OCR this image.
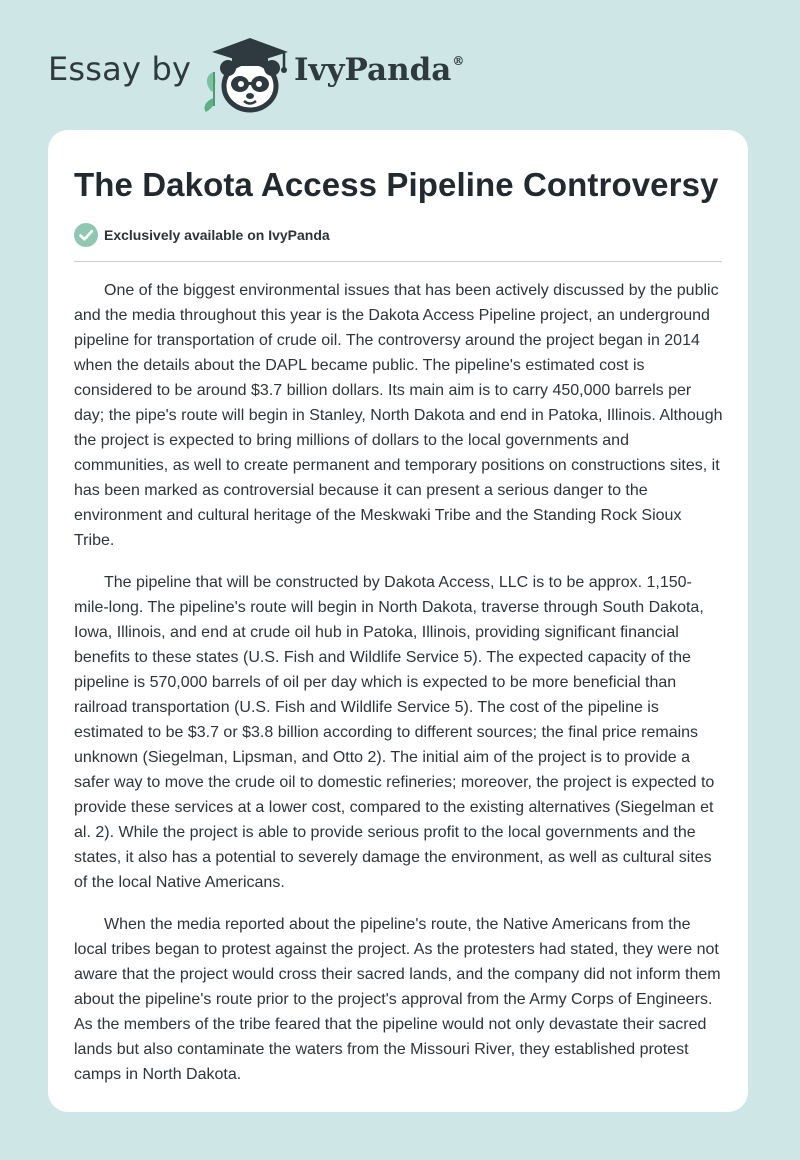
Essay by	IvyPanda®
The Dakota Access Pipeline Controversy
Exclusively available on IvyPanda

One of the biggest environmental issues that has been actively discussed by the public and the media throughout this year is the Dakota Access Pipeline project, an underground pipeline for transportation of crude oil. The controversy around the project began in 2014 when the details about the DAPL became public. The pipeline's estimated cost is considered to be around $3.7 billion dollars. Its main aim is to carry 450,000 barrels per day; the pipe's route will begin in Stanley, North Dakota and end in Patoka, Illinois. Although the project is expected to bring millions of dollars to the local governments and communities, as well to create permanent and temporary positions on constructions sites, it has been marked as controversial because it can present a serious danger to the environment and cultural heritage of the Meskwaki Tribe and the Standing Rock Sioux Tribe.

The pipeline that will be constructed by Dakota Access, LLC is to be approx. 1,150-mile-long. The pipeline's route will begin in North Dakota, traverse through South Dakota, Iowa, Illinois, and end at crude oil hub in Patoka, Illinois, providing significant financial benefits to these states (U.S. Fish and Wildlife Service 5). The expected capacity of the pipeline is 570,000 barrels of oil per day which is expected to be more beneficial than railroad transportation (U.S. Fish and Wildlife Service 5). The cost of the pipeline is estimated to be $3.7 or $3.8 billion according to different sources; the final price remains unknown (Siegelman, Lipsman, and Otto 2). The initial aim of the project is to provide a safer way to move the crude oil to domestic refineries; moreover, the project is expected to provide these services at a lower cost, compared to the existing alternatives (Siegelman et al. 2). While the project is able to provide serious profit to the local governments and the states, it also has a potential to severely damage the environment, as well as cultural sites of the local Native Americans.

When the media reported about the pipeline's route, the Native Americans from the local tribes began to protest against the project. As the protesters had stated, they were not aware that the project would cross their sacred lands, and the company did not inform them about the pipeline's route prior to the project's approval from the Army Corps of Engineers. As the members of the tribe feared that the pipeline would not only devastate their sacred lands but also contaminate the waters from the Missouri River, they established protest camps in North Dakota.
